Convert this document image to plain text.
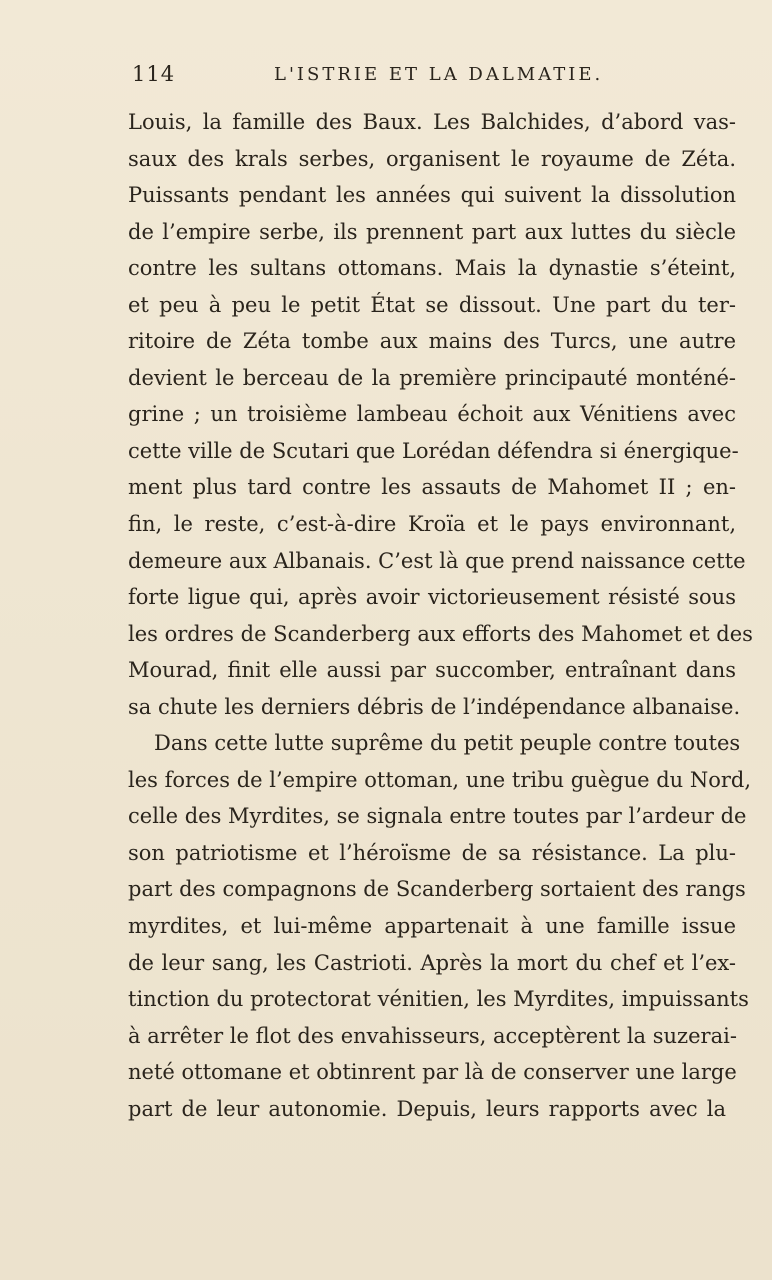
114	L'ISTRIE ET LA DALMATIE.
Louis, la famille des Baux. Les Balchides, d’abord vas-
saux des krals serbes, organisent le royaume de Zéta.
Puissants pendant les années qui suivent la dissolution
de l’empire serbe, ils prennent part aux luttes du siècle
contre les sultans ottomans. Mais la dynastie s’éteint,
et peu à peu le petit État se dissout. Une part du ter-
ritoire de Zéta tombe aux mains des Turcs, une autre
devient le berceau de la première principauté monténé-
grine ; un troisième lambeau échoit aux Vénitiens avec
cette ville de Scutari que Lorédan défendra si énergique-
ment plus tard contre les assauts de Mahomet II ; en-
fin, le reste, c’est-à-dire Kroïa et le pays environnant,
demeure aux Albanais. C’est là que prend naissance cette
forte ligue qui, après avoir victorieusement résisté sous
les ordres de Scanderberg aux efforts des Mahomet et des
Mourad, finit elle aussi par succomber, entraînant dans
sa chute les derniers débris de l’indépendance albanaise.
Dans cette lutte suprême du petit peuple contre toutes
les forces de l’empire ottoman, une tribu guègue du Nord,
celle des Myrdites, se signala entre toutes par l’ardeur de
son patriotisme et l’héroïsme de sa résistance. La plu-
part des compagnons de Scanderberg sortaient des rangs
myrdites, et lui-même appartenait à une famille issue
de leur sang, les Castrioti. Après la mort du chef et l’ex-
tinction du protectorat vénitien, les Myrdites, impuissants
à arrêter le flot des envahisseurs, acceptèrent la suzerai-
neté ottomane et obtinrent par là de conserver une large
part de leur autonomie. Depuis, leurs rapports avec la
